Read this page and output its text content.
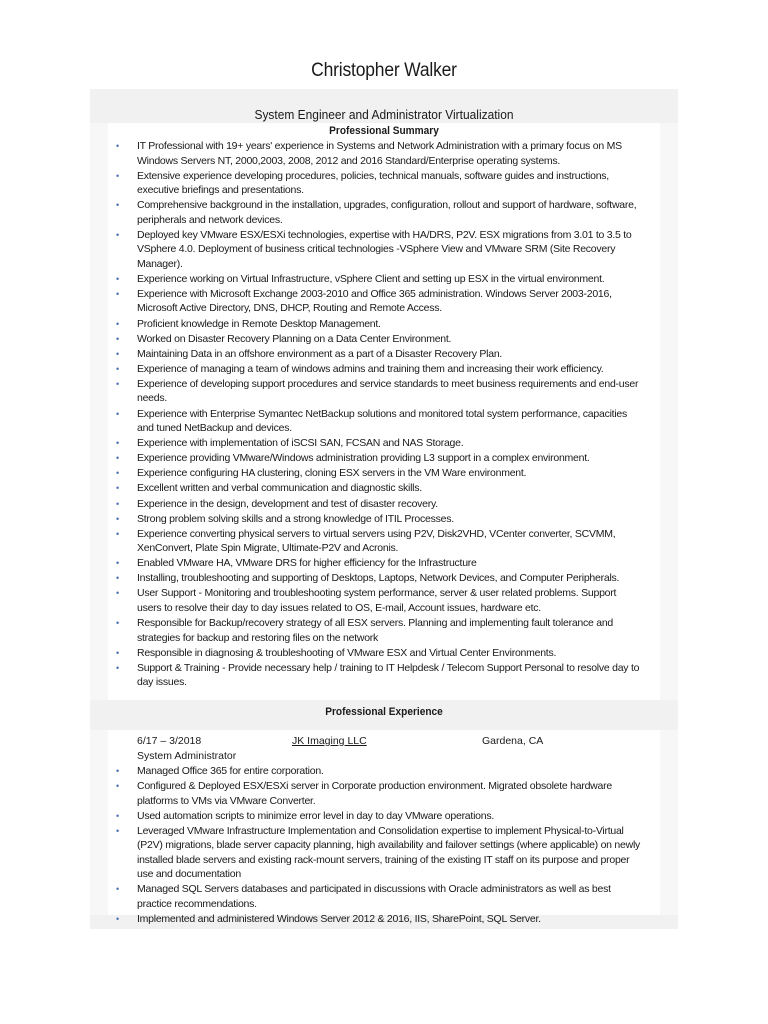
Christopher Walker
System Engineer and Administrator Virtualization
Professional Summary
• IT Professional with 19+ years' experience in Systems and Network Administration with a primary focus on MS Windows Servers NT, 2000,2003, 2008, 2012 and 2016 Standard/Enterprise operating systems.
• Extensive experience developing procedures, policies, technical manuals, software guides and instructions, executive briefings and presentations.
• Comprehensive background in the installation, upgrades, configuration, rollout and support of hardware, software, peripherals and network devices.
• Deployed key VMware ESX/ESXi technologies, expertise with HA/DRS, P2V. ESX migrations from 3.01 to 3.5 to VSphere 4.0. Deployment of business critical technologies -VSphere View and VMware SRM (Site Recovery Manager).
• Experience working on Virtual Infrastructure, vSphere Client and setting up ESX in the virtual environment.
• Experience with Microsoft Exchange 2003-2010 and Office 365 administration. Windows Server 2003-2016, Microsoft Active Directory, DNS, DHCP, Routing and Remote Access.
• Proficient knowledge in Remote Desktop Management.
• Worked on Disaster Recovery Planning on a Data Center Environment.
• Maintaining Data in an offshore environment as a part of a Disaster Recovery Plan.
• Experience of managing a team of windows admins and training them and increasing their work efficiency.
• Experience of developing support procedures and service standards to meet business requirements and end-user needs.
• Experience with Enterprise Symantec NetBackup solutions and monitored total system performance, capacities and tuned NetBackup and devices.
• Experience with implementation of iSCSI SAN, FCSAN and NAS Storage.
• Experience providing VMware/Windows administration providing L3 support in a complex environment.
• Experience configuring HA clustering, cloning ESX servers in the VM Ware environment.
• Excellent written and verbal communication and diagnostic skills.
• Experience in the design, development and test of disaster recovery.
• Strong problem solving skills and a strong knowledge of ITIL Processes.
• Experience converting physical servers to virtual servers using P2V, Disk2VHD, VCenter converter, SCVMM, XenConvert, Plate Spin Migrate, Ultimate-P2V and Acronis.
• Enabled VMware HA, VMware DRS for higher efficiency for the Infrastructure
• Installing, troubleshooting and supporting of Desktops, Laptops, Network Devices, and Computer Peripherals.
• User Support - Monitoring and troubleshooting system performance, server & user related problems. Support users to resolve their day to day issues related to OS, E-mail, Account issues, hardware etc.
• Responsible for Backup/recovery strategy of all ESX servers. Planning and implementing fault tolerance and strategies for backup and restoring files on the network
• Responsible in diagnosing & troubleshooting of VMware ESX and Virtual Center Environments.
• Support & Training - Provide necessary help / training to IT Helpdesk / Telecom Support Personal to resolve day to day issues.
Professional Experience
6/17 – 3/2018	JK Imaging LLC	Gardena, CA
System Administrator
• Managed Office 365 for entire corporation.
• Configured & Deployed ESX/ESXi server in Corporate production environment. Migrated obsolete hardware platforms to VMs via VMware Converter.
• Used automation scripts to minimize error level in day to day VMware operations.
• Leveraged VMware Infrastructure Implementation and Consolidation expertise to implement Physical-to-Virtual (P2V) migrations, blade server capacity planning, high availability and failover settings (where applicable) on newly installed blade servers and existing rack-mount servers, training of the existing IT staff on its purpose and proper use and documentation
• Managed SQL Servers databases and participated in discussions with Oracle administrators as well as best practice recommendations.
• Implemented and administered Windows Server 2012 & 2016, IIS, SharePoint, SQL Server.
